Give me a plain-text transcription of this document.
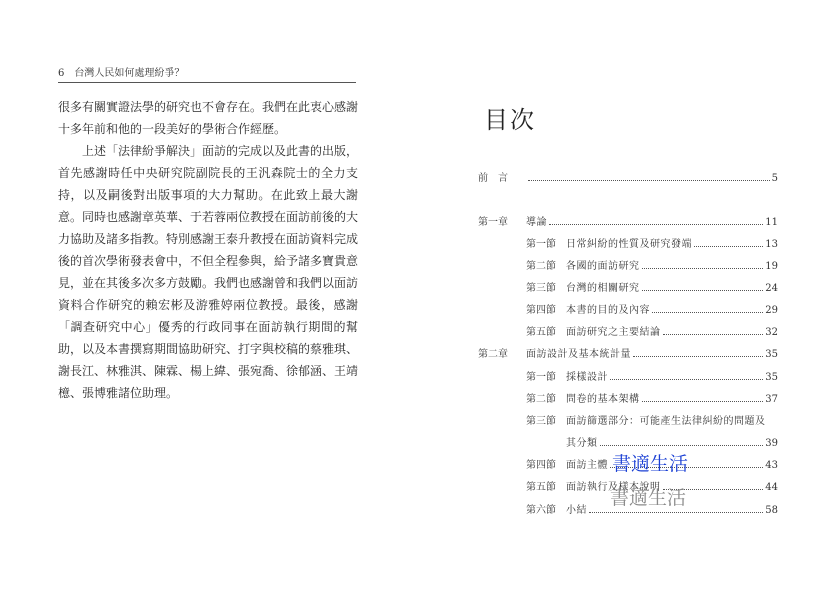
6 台灣人民如何處理紛爭？

很多有關實證法學的研究也不會存在。我們在此衷心感謝十多年前和他的一段美好的學術合作經歷。

上述「法律紛爭解決」面訪的完成以及此書的出版，首先感謝時任中央研究院副院長的王汎森院士的全力支持，以及嗣後對出版事項的大力幫助。在此致上最大謝意。同時也感謝章英華、于若蓉兩位教授在面訪前後的大力協助及諸多指教。特別感謝王泰升教授在面訪資料完成後的首次學術發表會中，不但全程參與，給予諸多寶貴意見，並在其後多次多方鼓勵。我們也感謝曾和我們以面訪資料合作研究的賴宏彬及游雅婷兩位教授。最後，感謝「調查研究中心」優秀的行政同事在面訪執行期間的幫助，以及本書撰寫期間協助研究、打字與校稿的蔡雅琪、謝長江、林雅淇、陳霖、楊上緯、張宛喬、徐郁涵、王靖檍、張博雅諸位助理。

目次
前　言	5
第一章	導論	11
第一節	日常糾紛的性質及研究發端	13
第二節	各國的面訪研究	19
第三節	台灣的相關研究	24
第四節	本書的目的及內容	29
第五節	面訪研究之主要結論	32
第二章	面訪設計及基本統計量	35
第一節	採樣設計	35
第二節	問卷的基本架構	37
第三節	面訪篩選部分：可能產生法律糾紛的問題及
其分類	39
第四節	面訪主體	43
第五節	面訪執行及樣本說明	44
第六節	小結	58
書適生活
書適生活
